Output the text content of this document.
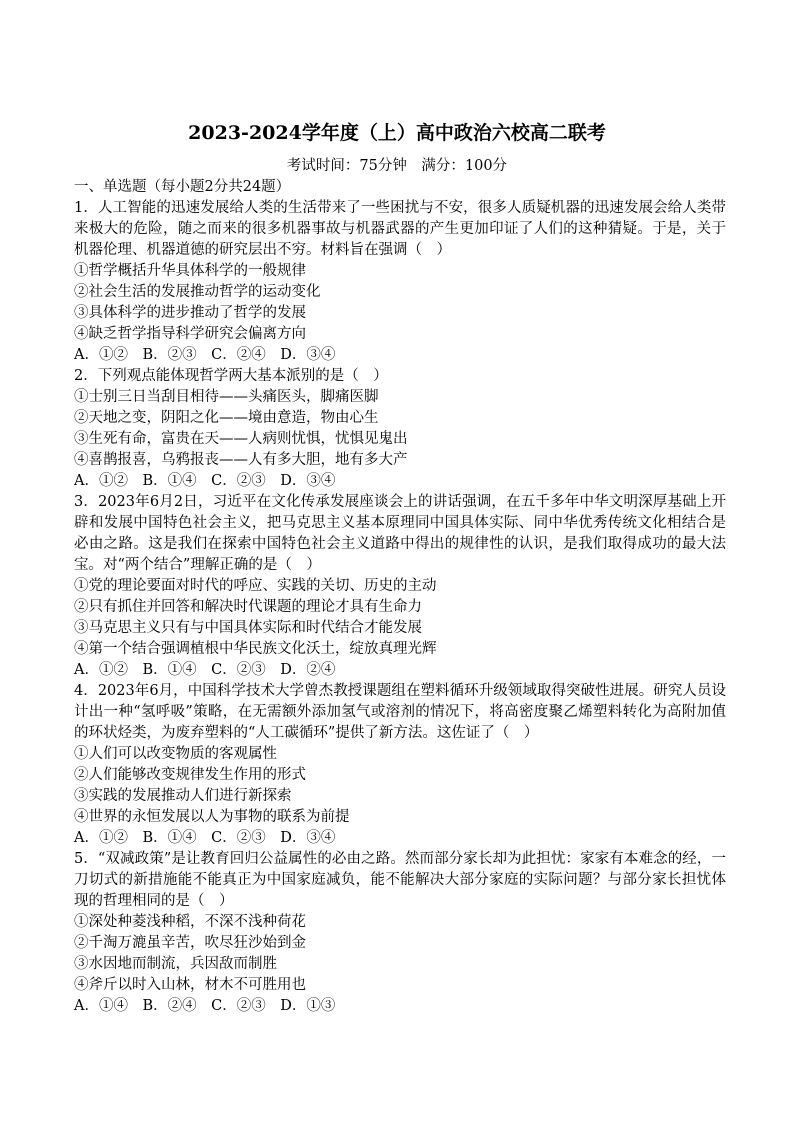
2023-2024学年度（上）高中政治六校高二联考
考试时间：75分钟　满分：100分

一、单选题（每小题2分共24题）

1．人工智能的迅速发展给人类的生活带来了一些困扰与不安，很多人质疑机器的迅速发展会给人类带来极大的危险，随之而来的很多机器事故与机器武器的产生更加印证了人们的这种猜疑。于是，关于机器伦理、机器道德的研究层出不穷。材料旨在强调（　）

①哲学概括升华具体科学的一般规律

②社会生活的发展推动哲学的运动变化

③具体科学的进步推动了哲学的发展

④缺乏哲学指导科学研究会偏离方向

A．①②　B．②③　C．②④　D．③④

2．下列观点能体现哲学两大基本派别的是（　）

①士别三日当刮目相待——头痛医头，脚痛医脚

②天地之变，阴阳之化——境由意造，物由心生

③生死有命，富贵在天——人病则忧惧，忧惧见鬼出

④喜鹊报喜，乌鸦报丧——人有多大胆，地有多大产

A．①②　B．①④　C．②③　D．③④

3．2023年6月2日，习近平在文化传承发展座谈会上的讲话强调，在五千多年中华文明深厚基础上开辟和发展中国特色社会主义，把马克思主义基本原理同中国具体实际、同中华优秀传统文化相结合是必由之路。这是我们在探索中国特色社会主义道路中得出的规律性的认识，是我们取得成功的最大法宝。对“两个结合”理解正确的是（　）

①党的理论要面对时代的呼应、实践的关切、历史的主动

②只有抓住并回答和解决时代课题的理论才具有生命力

③马克思主义只有与中国具体实际和时代结合才能发展

④第一个结合强调植根中华民族文化沃土，绽放真理光辉

A．①②　B．①④　C．②③　D．②④

4．2023年6月，中国科学技术大学曾杰教授课题组在塑料循环升级领域取得突破性进展。研究人员设计出一种“氢呼吸”策略，在无需额外添加氢气或溶剂的情况下，将高密度聚乙烯塑料转化为高附加值的环状烃类，为废弃塑料的“人工碳循环”提供了新方法。这佐证了（　）

①人们可以改变物质的客观属性

②人们能够改变规律发生作用的形式

③实践的发展推动人们进行新探索

④世界的永恒发展以人为事物的联系为前提

A．①②　B．①④　C．②③　D．③④

5．“双减政策”是让教育回归公益属性的必由之路。然而部分家长却为此担忧：家家有本难念的经，一刀切式的新措施能不能真正为中国家庭减负，能不能解决大部分家庭的实际问题？与部分家长担忧体现的哲理相同的是（　）

①深处种菱浅种稻，不深不浅种荷花

②千淘万漉虽辛苦，吹尽狂沙始到金

③水因地而制流，兵因敌而制胜

④斧斤以时入山林，材木不可胜用也

A．①④　B．②④　C．②③　D．①③
